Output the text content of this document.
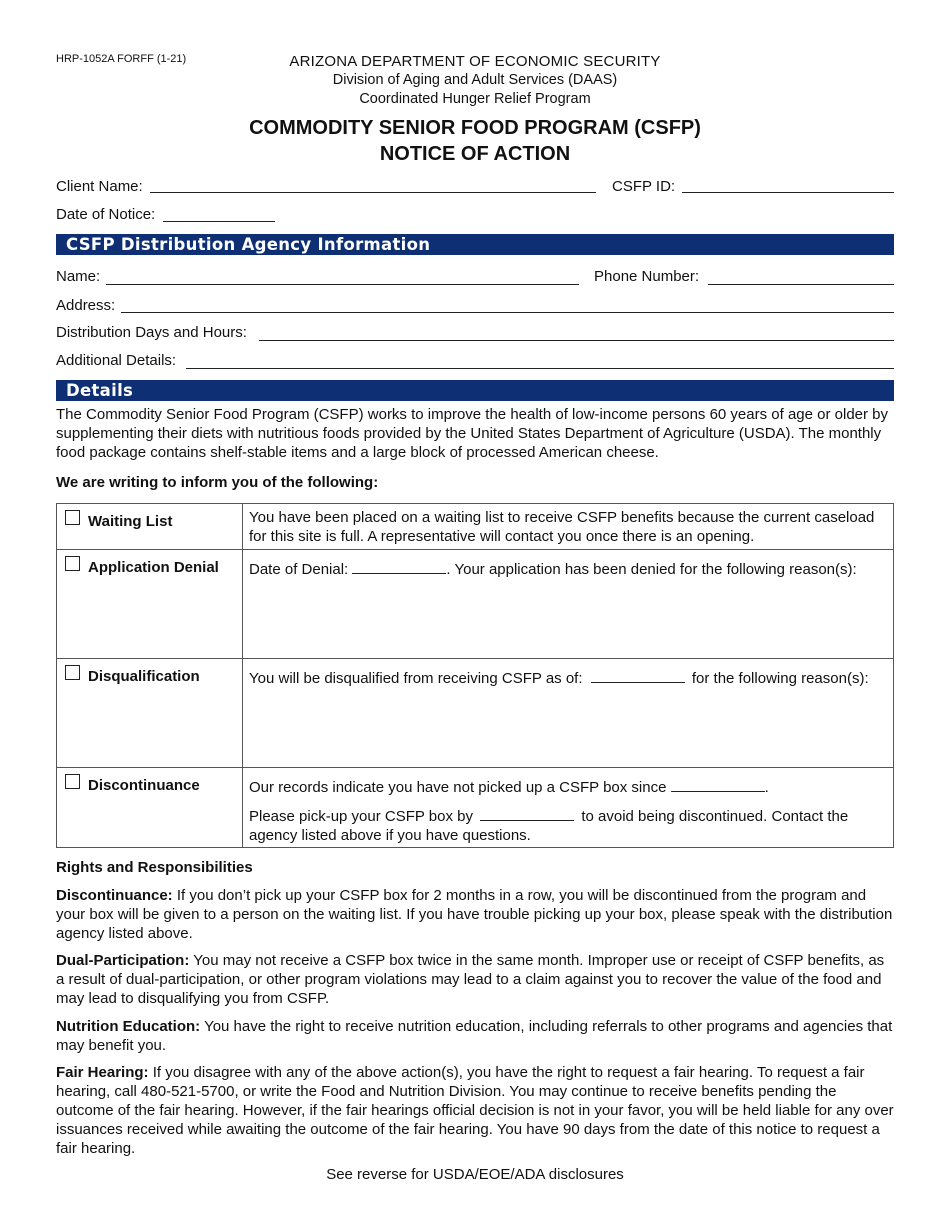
HRP-1052A FORFF (1-21)	ARIZONA DEPARTMENT OF ECONOMIC SECURITY
Division of Aging and Adult Services (DAAS)
Coordinated Hunger Relief Program
COMMODITY SENIOR FOOD PROGRAM (CSFP)
NOTICE OF ACTION
Client Name:	CSFP ID:
Date of Notice:
CSFP Distribution Agency Information
Name:	Phone Number:
Address:
Distribution Days and Hours:
Additional Details:
Details
The Commodity Senior Food Program (CSFP) works to improve the health of low-income persons 60 years of age or older by supplementing their diets with nutritious foods provided by the United States Department of Agriculture (USDA). The monthly food package contains shelf-stable items and a large block of processed American cheese.
We are writing to inform you of the following:
Waiting List	You have been placed on a waiting list to receive CSFP benefits because the current caseload for this site is full. A representative will contact you once there is an opening.
Application Denial	Date of Denial: . Your application has been denied for the following reason(s):
Disqualification	You will be disqualified from receiving CSFP as of: for the following reason(s):
Discontinuance	Our records indicate you have not picked up a CSFP box since .
Please pick-up your CSFP box by to avoid being discontinued. Contact the agency listed above if you have questions.
Rights and Responsibilities
Discontinuance: If you don’t pick up your CSFP box for 2 months in a row, you will be discontinued from the program and your box will be given to a person on the waiting list. If you have trouble picking up your box, please speak with the distribution agency listed above.
Dual-Participation: You may not receive a CSFP box twice in the same month. Improper use or receipt of CSFP benefits, as a result of dual-participation, or other program violations may lead to a claim against you to recover the value of the food and may lead to disqualifying you from CSFP.
Nutrition Education: You have the right to receive nutrition education, including referrals to other programs and agencies that may benefit you.
Fair Hearing: If you disagree with any of the above action(s), you have the right to request a fair hearing. To request a fair hearing, call 480-521-5700, or write the Food and Nutrition Division. You may continue to receive benefits pending the outcome of the fair hearing. However, if the fair hearings official decision is not in your favor, you will be held liable for any over issuances received while awaiting the outcome of the fair hearing. You have 90 days from the date of this notice to request a fair hearing.
See reverse for USDA/EOE/ADA disclosures
